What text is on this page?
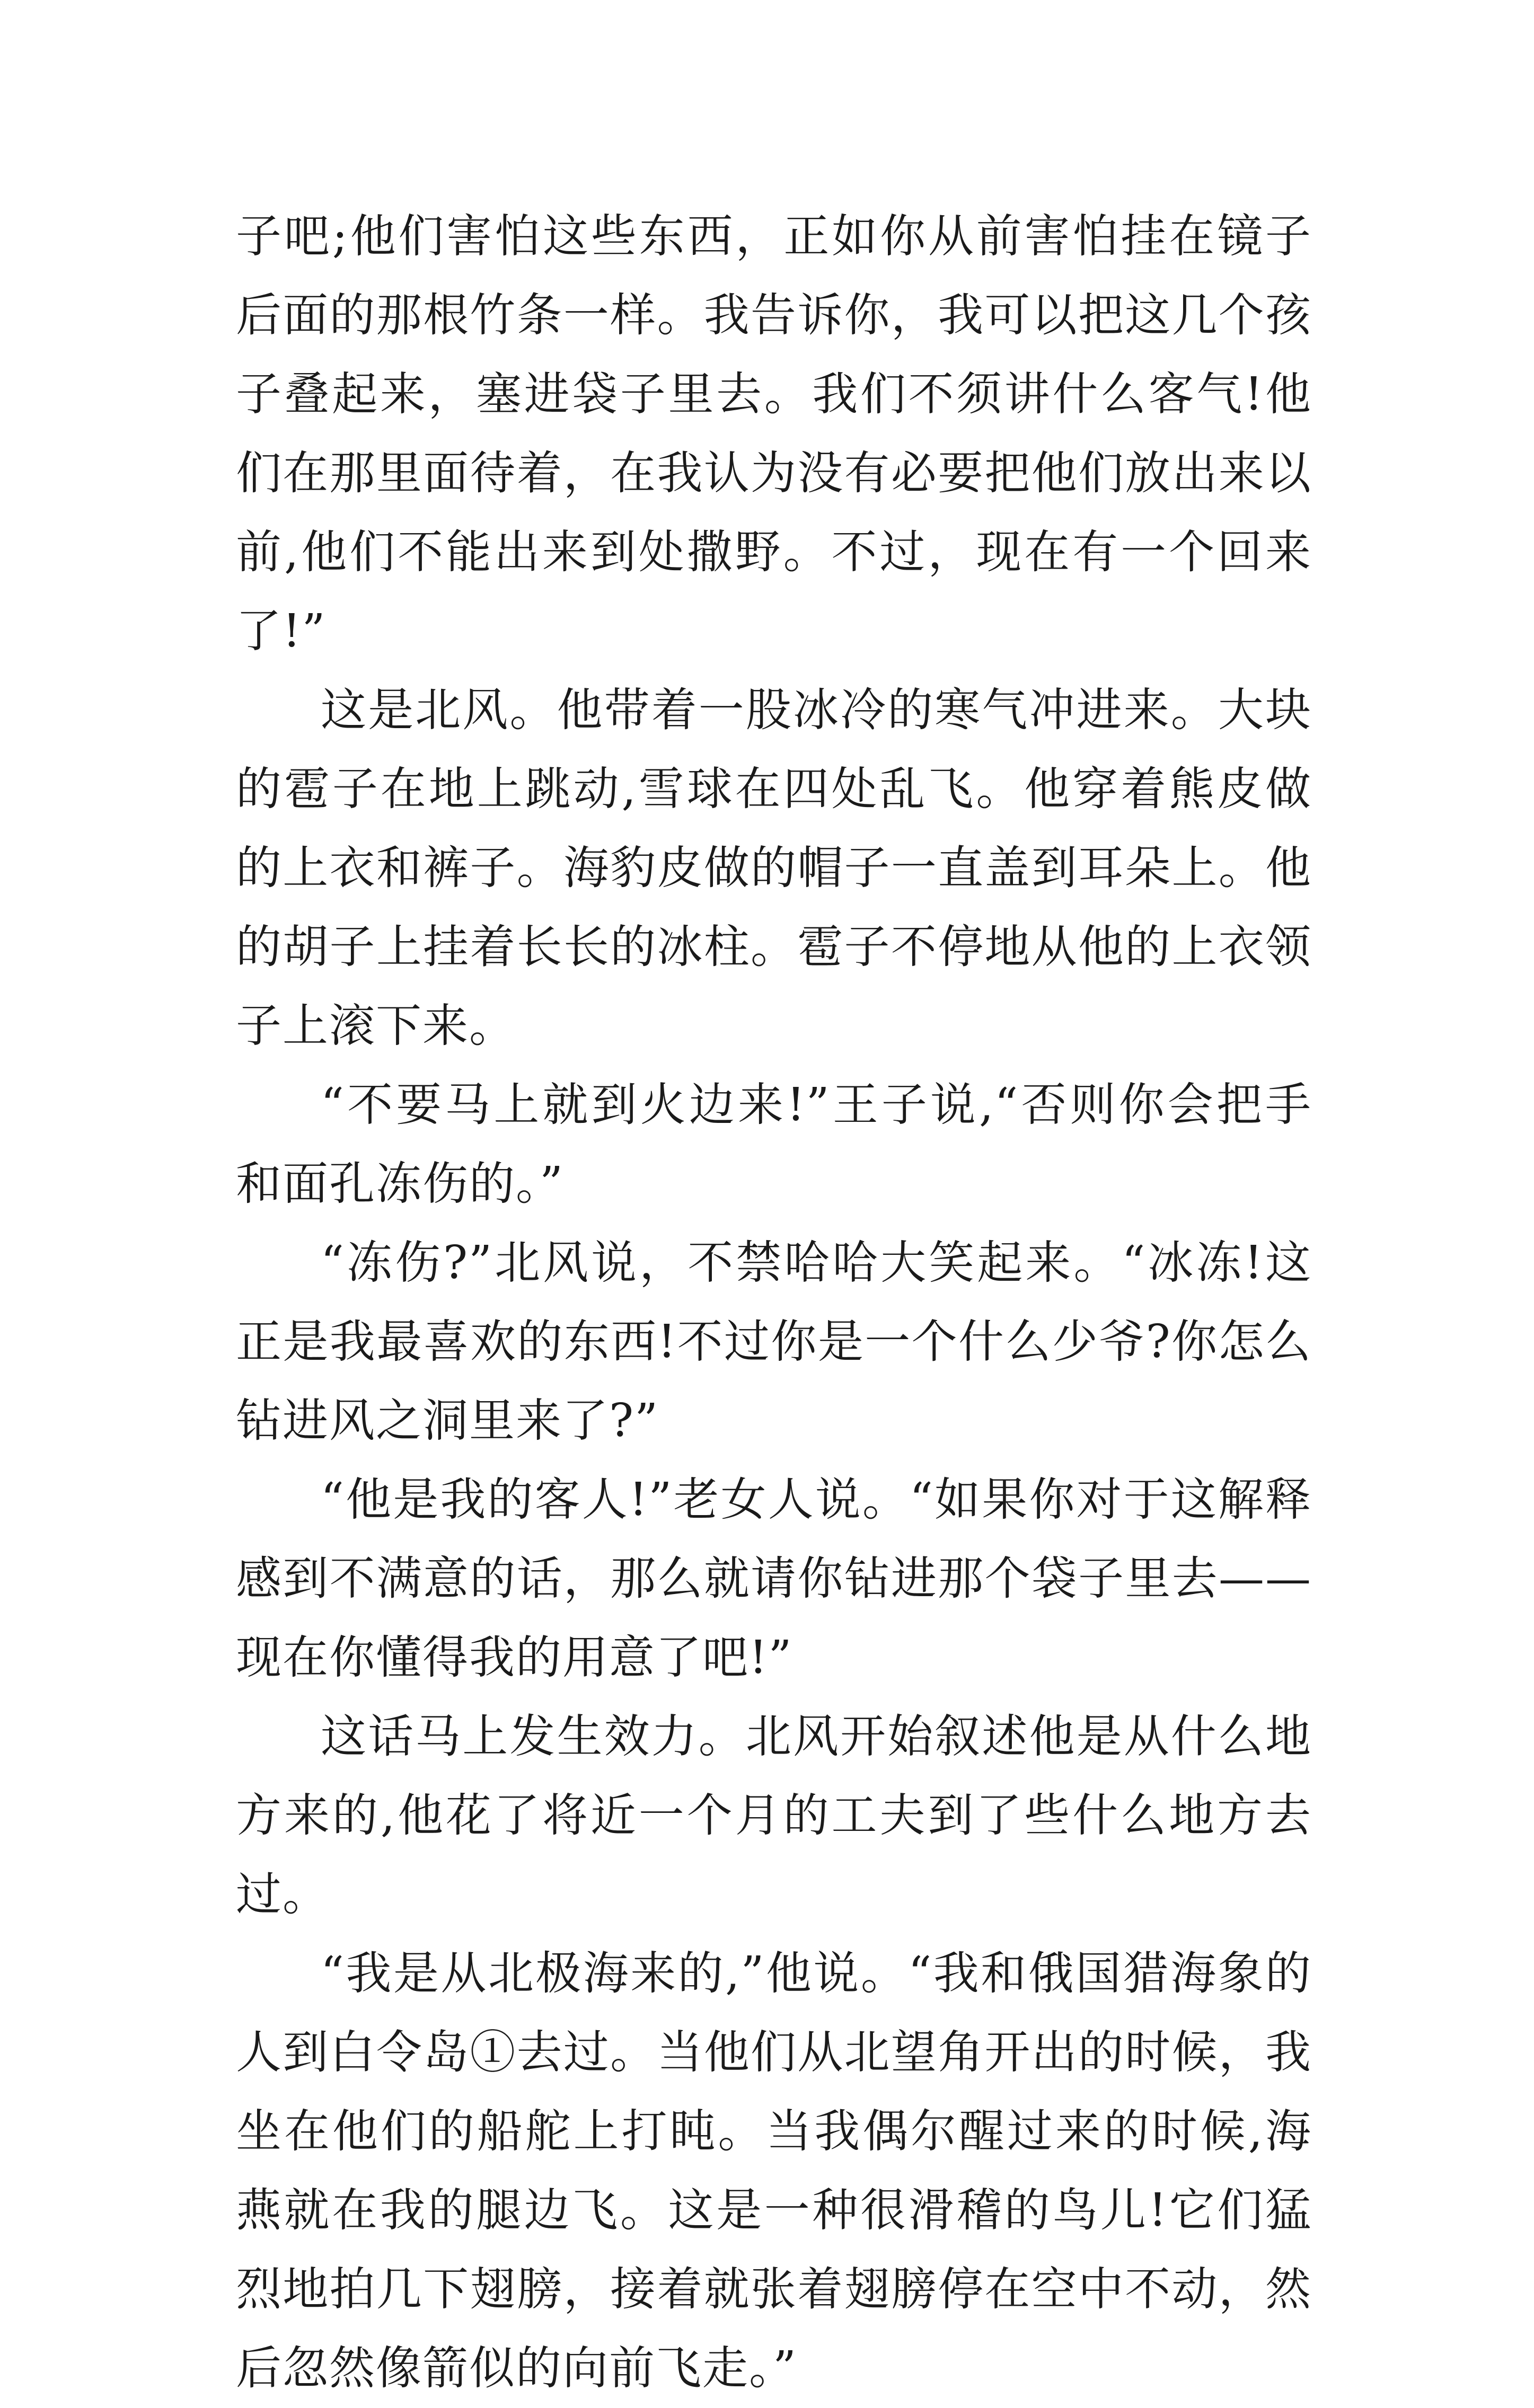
子吧;他们害怕这些东西，正如你从前害怕挂在镜子后面的那根竹条一样。我告诉你，我可以把这几个孩子叠起来，塞进袋子里去。我们不须讲什么客气!他们在那里面待着，在我认为没有必要把他们放出来以前,他们不能出来到处撒野。不过，现在有一个回来了!”

这是北风。他带着一股冰冷的寒气冲进来。大块的雹子在地上跳动,雪球在四处乱飞。他穿着熊皮做的上衣和裤子。海豹皮做的帽子一直盖到耳朵上。他的胡子上挂着长长的冰柱。雹子不停地从他的上衣领子上滚下来。

“不要马上就到火边来!”王子说,“否则你会把手和面孔冻伤的。”

“冻伤?”北风说，不禁哈哈大笑起来。“冰冻!这正是我最喜欢的东西!不过你是一个什么少爷?你怎么钻进风之洞里来了?”

“他是我的客人!”老女人说。“如果你对于这解释感到不满意的话，那么就请你钻进那个袋子里去——现在你懂得我的用意了吧!”

这话马上发生效力。北风开始叙述他是从什么地方来的,他花了将近一个月的工夫到了些什么地方去过。

“我是从北极海来的,”他说。“我和俄国猎海象的人到白令岛①去过。当他们从北望角开出的时候，我坐在他们的船舵上打盹。当我偶尔醒过来的时候,海燕就在我的腿边飞。这是一种很滑稽的鸟儿!它们猛烈地拍几下翅膀，接着就张着翅膀停在空中不动，然后忽然像箭似的向前飞走。”
